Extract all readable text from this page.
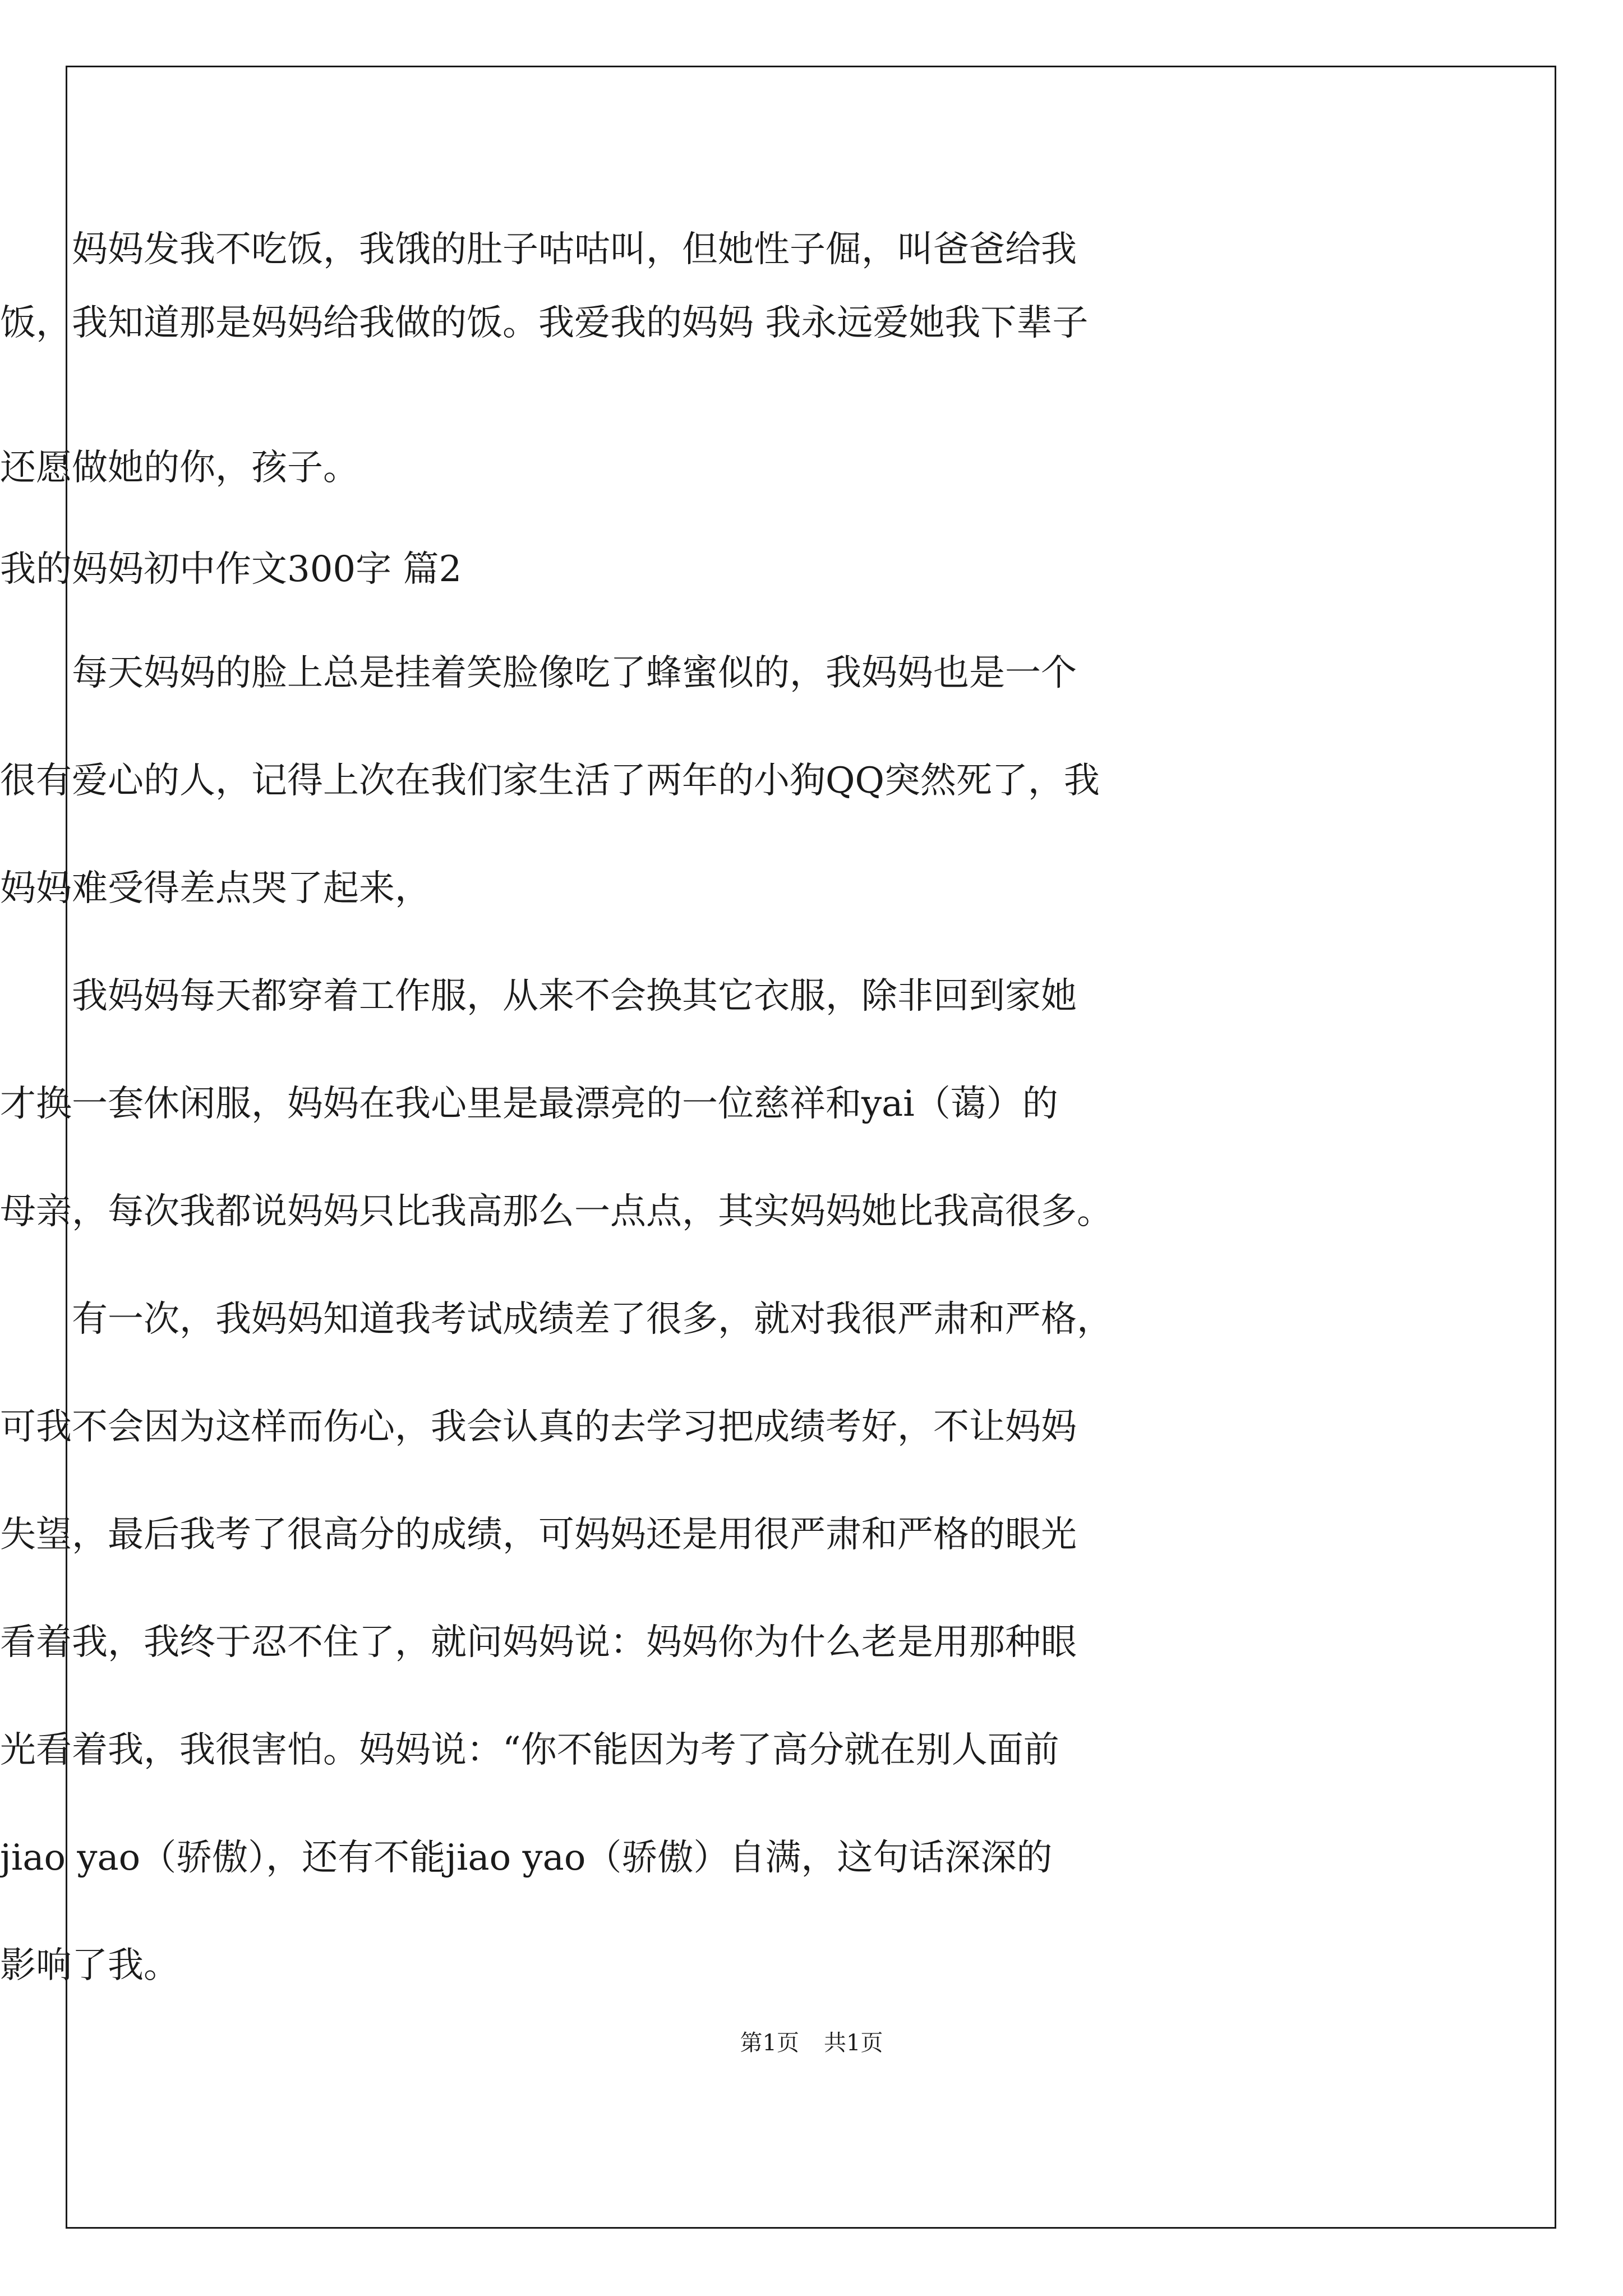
　　妈妈发我不吃饭，我饿的肚子咕咕叫，但她性子倔，叫爸爸给我

饭，我知道那是妈妈给我做的饭。我爱我的妈妈 我永远爱她我下辈子

还愿做她的你，孩子。

我的妈妈初中作文300字 篇2

　　每天妈妈的脸上总是挂着笑脸像吃了蜂蜜似的，我妈妈也是一个

很有爱心的人，记得上次在我们家生活了两年的小狗QQ突然死了，我

妈妈难受得差点哭了起来，

　　我妈妈每天都穿着工作服，从来不会换其它衣服，除非回到家她

才换一套休闲服，妈妈在我心里是最漂亮的一位慈祥和yai（蔼）的

母亲，每次我都说妈妈只比我高那么一点点，其实妈妈她比我高很多。

　　有一次，我妈妈知道我考试成绩差了很多，就对我很严肃和严格，

可我不会因为这样而伤心，我会认真的去学习把成绩考好，不让妈妈

失望，最后我考了很高分的成绩，可妈妈还是用很严肃和严格的眼光

看着我，我终于忍不住了，就问妈妈说：妈妈你为什么老是用那种眼

光看着我，我很害怕。妈妈说：“你不能因为考了高分就在别人面前

jiao yao（骄傲），还有不能jiao yao（骄傲）自满，这句话深深的

影响了我。

第1页 共1页
